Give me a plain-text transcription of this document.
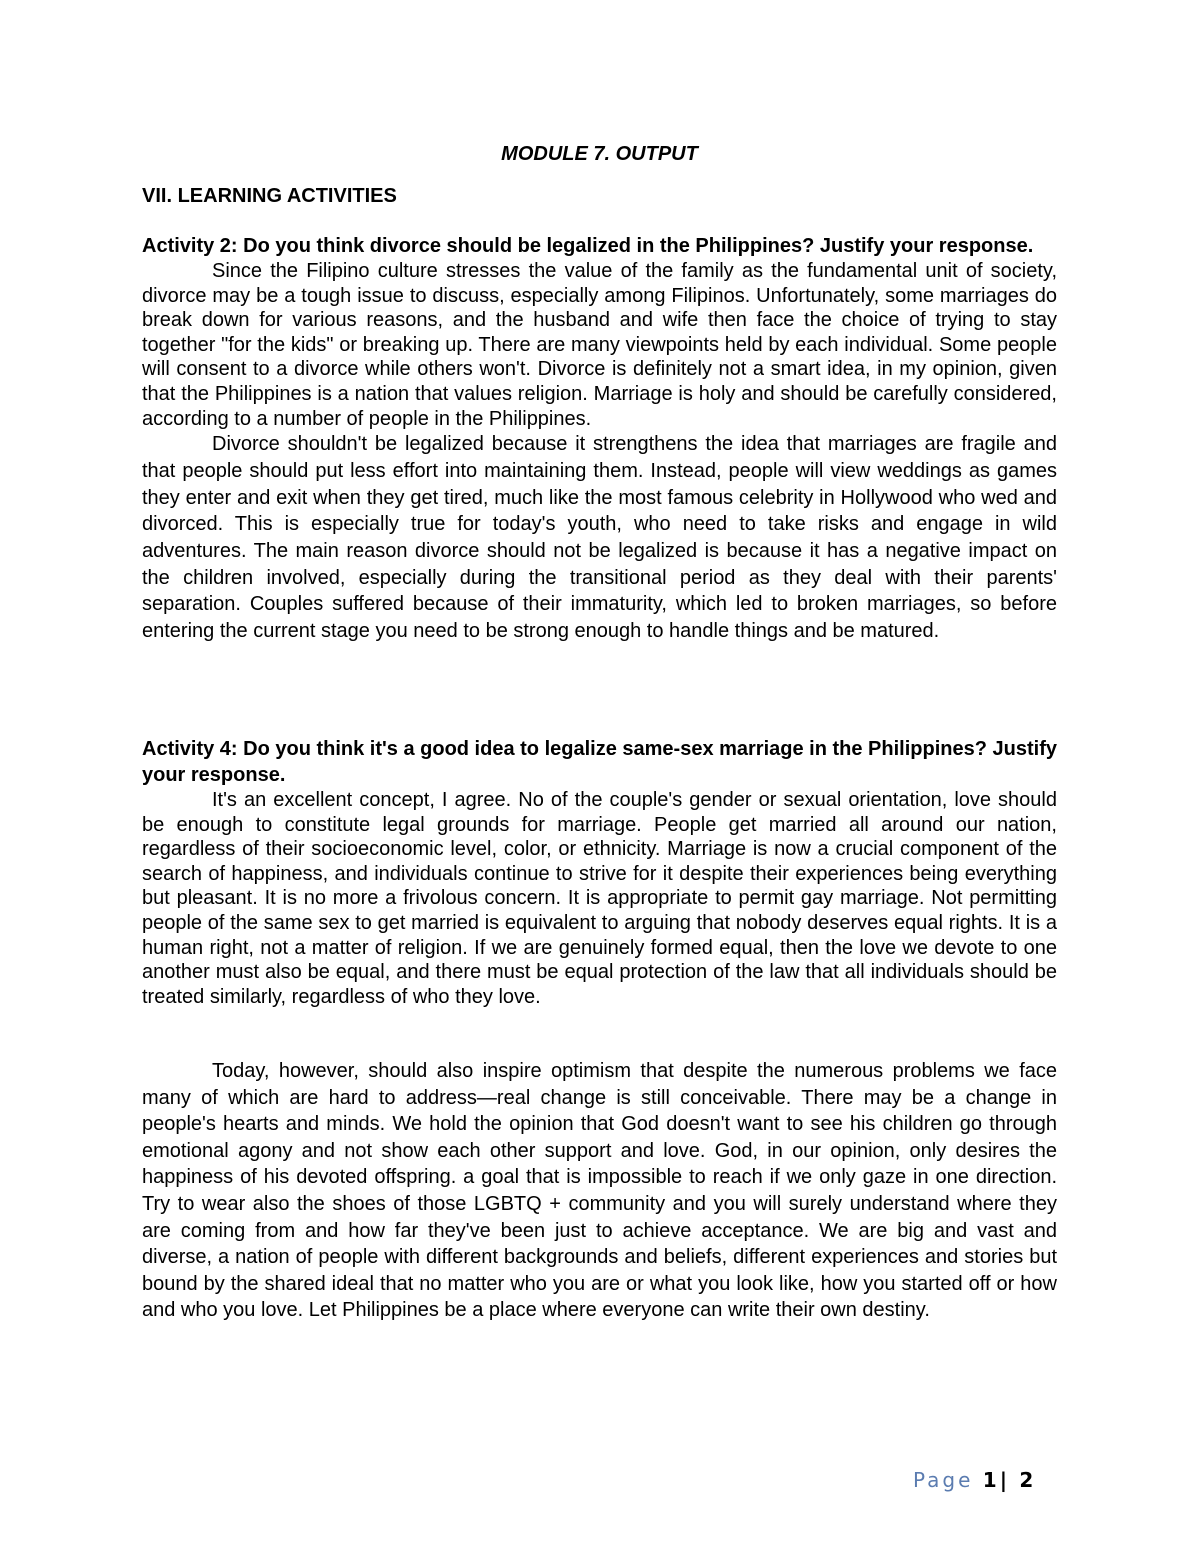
MODULE 7. OUTPUT

VII. LEARNING ACTIVITIES

Activity 2: Do you think divorce should be legalized in the Philippines? Justify your response.

Since the Filipino culture stresses the value of the family as the fundamental unit of society, divorce may be a tough issue to discuss, especially among Filipinos. Unfortunately, some marriages do break down for various reasons, and the husband and wife then face the choice of trying to stay together "for the kids" or breaking up. There are many viewpoints held by each individual. Some people will consent to a divorce while others won't. Divorce is definitely not a smart idea, in my opinion, given that the Philippines is a nation that values religion. Marriage is holy and should be carefully considered, according to a number of people in the Philippines.

Divorce shouldn't be legalized because it strengthens the idea that marriages are fragile and that people should put less effort into maintaining them. Instead, people will view weddings as games they enter and exit when they get tired, much like the most famous celebrity in Hollywood who wed and divorced. This is especially true for today's youth, who need to take risks and engage in wild adventures. The main reason divorce should not be legalized is because it has a negative impact on the children involved, especially during the transitional period as they deal with their parents' separation. Couples suffered because of their immaturity, which led to broken marriages, so before entering the current stage you need to be strong enough to handle things and be matured.

Activity 4: Do you think it's a good idea to legalize same-sex marriage in the Philippines? Justify your response.

It's an excellent concept, I agree. No of the couple's gender or sexual orientation, love should be enough to constitute legal grounds for marriage. People get married all around our nation, regardless of their socioeconomic level, color, or ethnicity. Marriage is now a crucial component of the search of happiness, and individuals continue to strive for it despite their experiences being everything but pleasant. It is no more a frivolous concern. It is appropriate to permit gay marriage. Not permitting people of the same sex to get married is equivalent to arguing that nobody deserves equal rights. It is a human right, not a matter of religion. If we are genuinely formed equal, then the love we devote to one another must also be equal, and there must be equal protection of the law that all individuals should be treated similarly, regardless of who they love.

Today, however, should also inspire optimism that despite the numerous problems we face many of which are hard to address—real change is still conceivable. There may be a change in people's hearts and minds. We hold the opinion that God doesn't want to see his children go through emotional agony and not show each other support and love. God, in our opinion, only desires the happiness of his devoted offspring. a goal that is impossible to reach if we only gaze in one direction. Try to wear also the shoes of those LGBTQ + community and you will surely understand where they are coming from and how far they've been just to achieve acceptance. We are big and vast and diverse, a nation of people with different backgrounds and beliefs, different experiences and stories but bound by the shared ideal that no matter who you are or what you look like, how you started off or how and who you love. Let Philippines be a place where everyone can write their own destiny.

Page 1| 2
